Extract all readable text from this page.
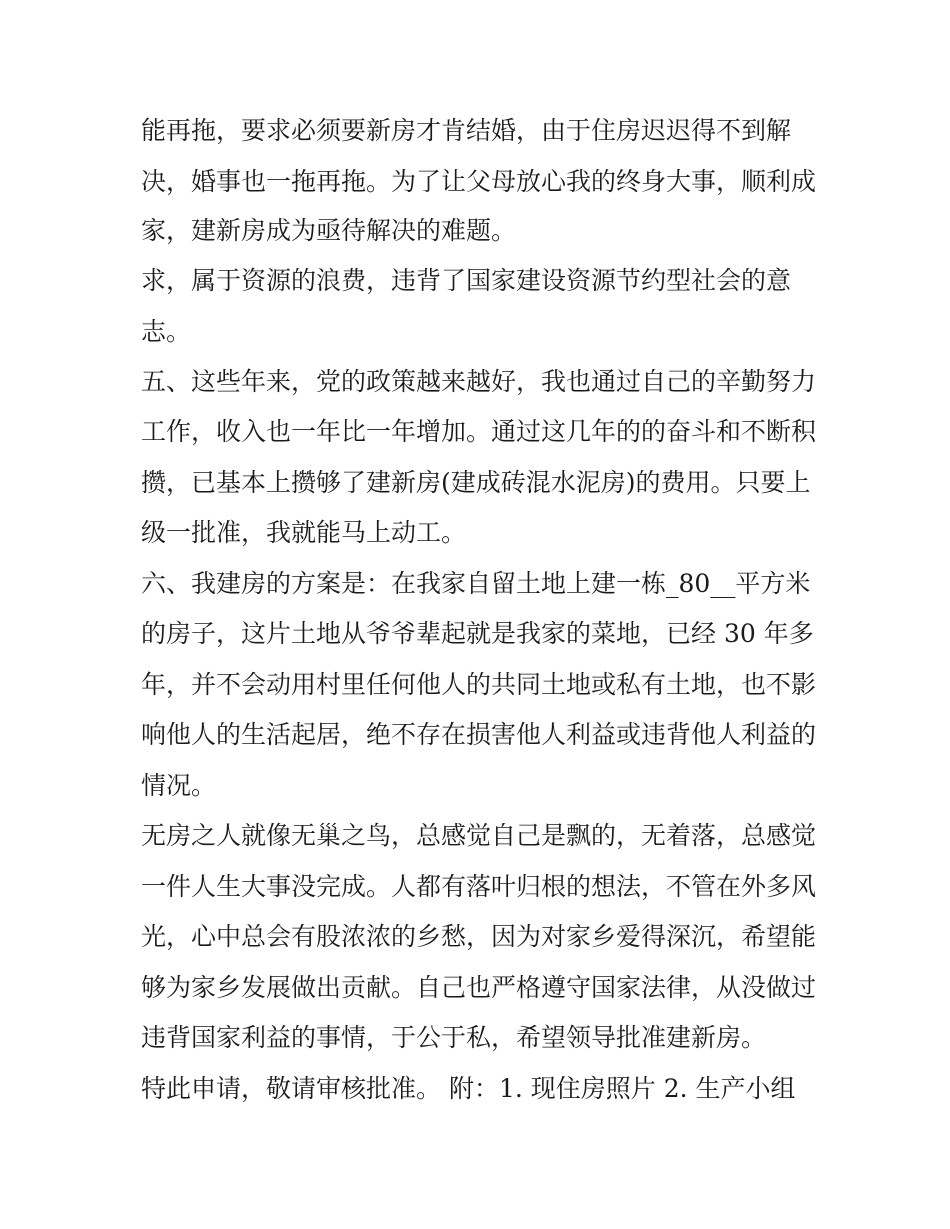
能再拖，要求必须要新房才肯结婚，由于住房迟迟得不到解
决，婚事也一拖再拖。为了让父母放心我的终身大事，顺利成
家，建新房成为亟待解决的难题。
求，属于资源的浪费，违背了国家建设资源节约型社会的意
志。
五、这些年来，党的政策越来越好，我也通过自己的辛勤努力
工作，收入也一年比一年增加。通过这几年的的奋斗和不断积
攒，已基本上攒够了建新房(建成砖混水泥房)的费用。只要上
级一批准，我就能马上动工。
六、我建房的方案是：在我家自留土地上建一栋_80__平方米
的房子，这片土地从爷爷辈起就是我家的菜地，已经 30 年多
年，并不会动用村里任何他人的共同土地或私有土地，也不影
响他人的生活起居，绝不存在损害他人利益或违背他人利益的
情况。
无房之人就像无巢之鸟，总感觉自己是飘的，无着落，总感觉
一件人生大事没完成。人都有落叶归根的想法，不管在外多风
光，心中总会有股浓浓的乡愁，因为对家乡爱得深沉，希望能
够为家乡发展做出贡献。自己也严格遵守国家法律，从没做过
违背国家利益的事情，于公于私，希望领导批准建新房。
特此申请，敬请审核批准。 附：1. 现住房照片 2. 生产小组
